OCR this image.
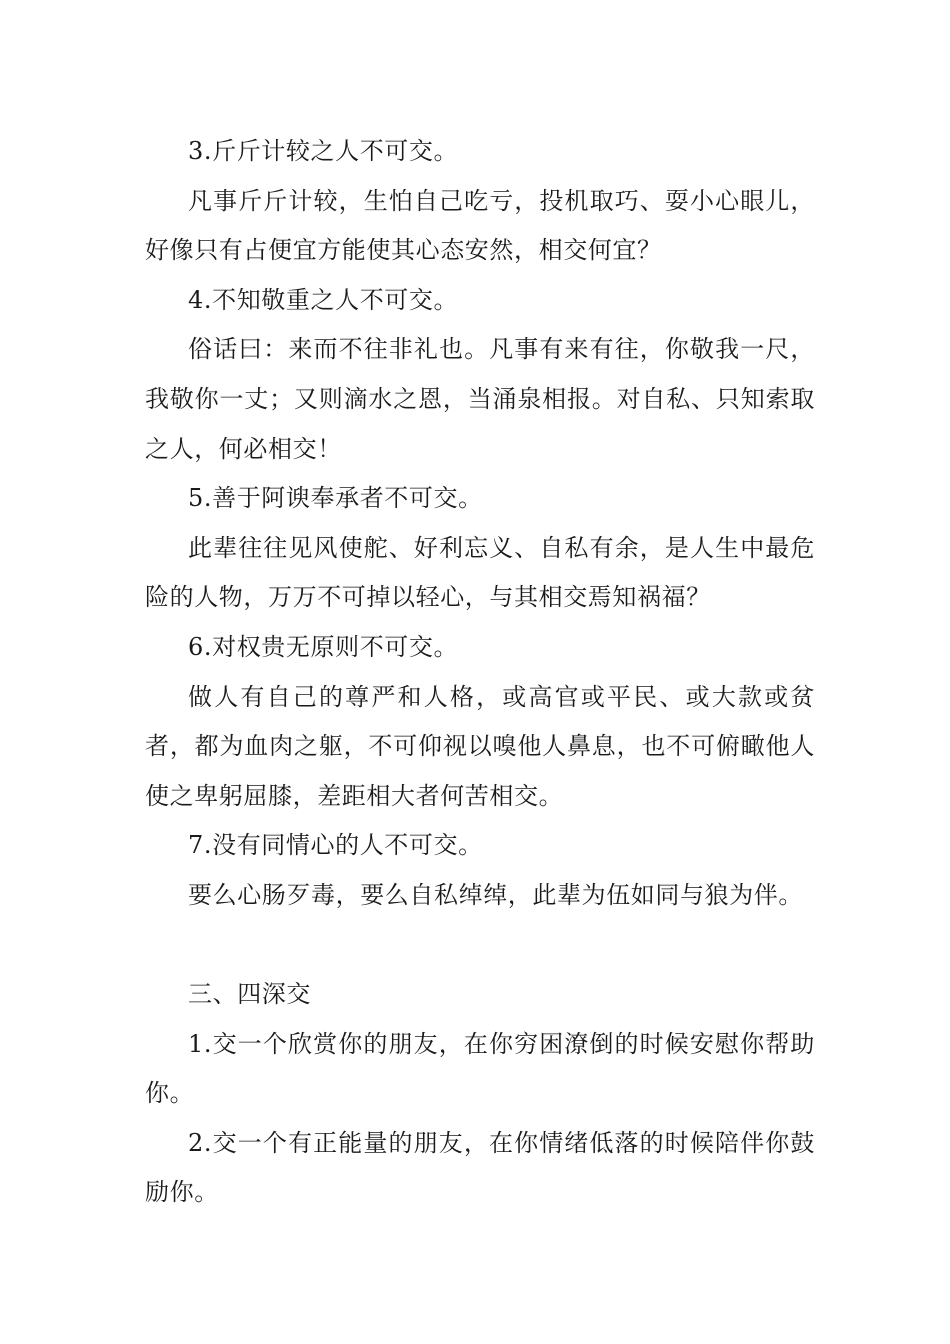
3.斤斤计较之人不可交。

凡事斤斤计较，生怕自己吃亏，投机取巧、耍小心眼儿，好像只有占便宜方能使其心态安然，相交何宜？

4.不知敬重之人不可交。

俗话曰：来而不往非礼也。凡事有来有往，你敬我一尺，我敬你一丈；又则滴水之恩，当涌泉相报。对自私、只知索取之人，何必相交！

5.善于阿谀奉承者不可交。

此辈往往见风使舵、好利忘义、自私有余，是人生中最危险的人物，万万不可掉以轻心，与其相交焉知祸福？

6.对权贵无原则不可交。

做人有自己的尊严和人格，或高官或平民、或大款或贫者，都为血肉之躯，不可仰视以嗅他人鼻息，也不可俯瞰他人使之卑躬屈膝，差距相大者何苦相交。

7.没有同情心的人不可交。

要么心肠歹毒，要么自私绰绰，此辈为伍如同与狼为伴。

三、四深交

1.交一个欣赏你的朋友，在你穷困潦倒的时候安慰你帮助你。

2.交一个有正能量的朋友，在你情绪低落的时候陪伴你鼓励你。
